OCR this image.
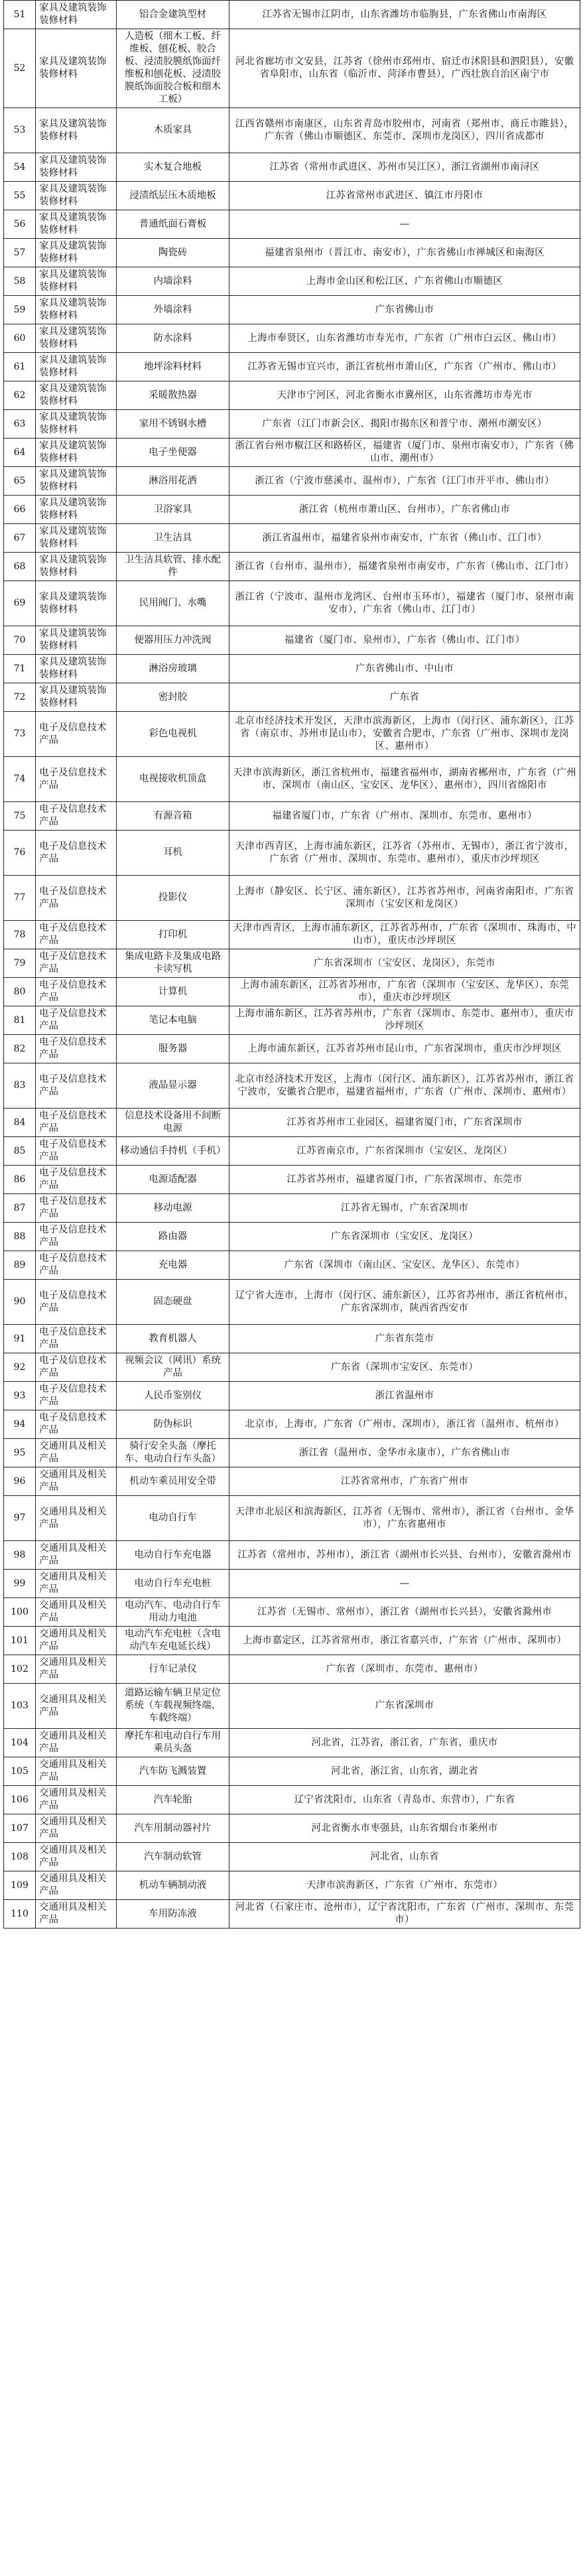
51	家具及建筑装饰装修材料	铝合金建筑型材	江苏省无锡市江阴市，山东省潍坊市临朐县，广东省佛山市南海区
52	家具及建筑装饰装修材料	人造板（细木工板、纤维板、刨花板、胶合板、浸渍胶膜纸饰面纤维板和刨花板、浸渍胶膜纸饰面胶合板和细木工板）	河北省廊坊市文安县，江苏省（徐州市邳州市、宿迁市沭阳县和泗阳县），安徽省阜阳市，山东省（临沂市、菏泽市曹县），广西壮族自治区南宁市
53	家具及建筑装饰装修材料	木质家具	江西省赣州市南康区，山东省青岛市胶州市，河南省（郑州市、商丘市睢县），广东省（佛山市顺德区、东莞市、深圳市龙岗区），四川省成都市
54	家具及建筑装饰装修材料	实木复合地板	江苏省（常州市武进区、苏州市吴江区），浙江省湖州市南浔区
55	家具及建筑装饰装修材料	浸渍纸层压木质地板	江苏省常州市武进区、镇江市丹阳市
56	家具及建筑装饰装修材料	普通纸面石膏板	—
57	家具及建筑装饰装修材料	陶瓷砖	福建省泉州市（晋江市、南安市），广东省佛山市禅城区和南海区
58	家具及建筑装饰装修材料	内墙涂料	上海市金山区和松江区，广东省佛山市顺德区
59	家具及建筑装饰装修材料	外墙涂料	广东省佛山市
60	家具及建筑装饰装修材料	防水涂料	上海市奉贤区，山东省潍坊市寿光市，广东省（广州市白云区、佛山市）
61	家具及建筑装饰装修材料	地坪涂料材料	江苏省无锡市宜兴市，浙江省杭州市萧山区，广东省（广州市、佛山市）
62	家具及建筑装饰装修材料	采暖散热器	天津市宁河区，河北省衡水市冀州区，山东省潍坊市寿光市
63	家具及建筑装饰装修材料	家用不锈钢水槽	广东省（江门市新会区、揭阳市揭东区和普宁市、潮州市潮安区）
64	家具及建筑装饰装修材料	电子坐便器	浙江省台州市椒江区和路桥区，福建省（厦门市、泉州市南安市），广东省（佛山市、潮州市）
65	家具及建筑装饰装修材料	淋浴用花洒	浙江省（宁波市慈溪市、温州市），广东省（江门市开平市、佛山市）
66	家具及建筑装饰装修材料	卫浴家具	浙江省（杭州市萧山区、台州市），广东省佛山市
67	家具及建筑装饰装修材料	卫生洁具	浙江省温州市，福建省泉州市南安市，广东省（佛山市、江门市）
68	家具及建筑装饰装修材料	卫生洁具软管、排水配件	浙江省（台州市、温州市），福建省泉州市南安市，广东省（佛山市、江门市）
69	家具及建筑装饰装修材料	民用阀门、水嘴	浙江省（宁波市、温州市龙湾区、台州市玉环市），福建省（厦门市、泉州市南安市），广东省（佛山市、江门市）
70	家具及建筑装饰装修材料	便器用压力冲洗阀	福建省（厦门市、泉州市），广东省（佛山市、江门市）
71	家具及建筑装饰装修材料	淋浴房玻璃	广东省佛山市、中山市
72	家具及建筑装饰装修材料	密封胶	广东省
73	电子及信息技术产品	彩色电视机	北京市经济技术开发区，天津市滨海新区，上海市（闵行区、浦东新区），江苏省（南京市、苏州市昆山市），安徽省合肥市，广东省（广州市、深圳市龙岗区、惠州市）
74	电子及信息技术产品	电视接收机顶盒	天津市滨海新区，浙江省杭州市，福建省福州市，湖南省郴州市，广东省（广州市、深圳市（南山区、宝安区、龙华区）、惠州市），四川省绵阳市
75	电子及信息技术产品	有源音箱	福建省厦门市，广东省（广州市、深圳市、东莞市、惠州市）
76	电子及信息技术产品	耳机	天津市西青区，上海市浦东新区，江苏省（苏州市、无锡市），浙江省宁波市，广东省（广州市、深圳市、东莞市、惠州市），重庆市沙坪坝区
77	电子及信息技术产品	投影仪	上海市（静安区、长宁区、浦东新区），江苏省苏州市，河南省南阳市，广东省深圳市（宝安区和龙岗区）
78	电子及信息技术产品	打印机	天津市西青区，上海市浦东新区，江苏省苏州市，广东省（深圳市、珠海市、中山市），重庆市沙坪坝区
79	电子及信息技术产品	集成电路卡及集成电路卡读写机	广东省深圳市（宝安区、龙岗区），东莞市
80	电子及信息技术产品	计算机	上海市浦东新区，江苏省苏州市，广东省（深圳市（宝安区、龙华区）、东莞市），重庆市沙坪坝区
81	电子及信息技术产品	笔记本电脑	上海市浦东新区，江苏省苏州市，广东省（深圳市、东莞市、惠州市），重庆市沙坪坝区
82	电子及信息技术产品	服务器	上海市浦东新区，江苏省苏州市昆山市，广东省深圳市，重庆市沙坪坝区
83	电子及信息技术产品	液晶显示器	北京市经济技术开发区，上海市（闵行区、浦东新区），江苏省苏州市，浙江省宁波市，安徽省合肥市，福建省福州市，广东省（广州市、深圳市、惠州市）
84	电子及信息技术产品	信息技术设备用不间断电源	江苏省苏州市工业园区，福建省厦门市，广东省深圳市
85	电子及信息技术产品	移动通信手持机（手机）	江苏省南京市，广东省深圳市（宝安区、龙岗区）
86	电子及信息技术产品	电源适配器	江苏省苏州市，福建省厦门市，广东省深圳市、东莞市
87	电子及信息技术产品	移动电源	江苏省无锡市，广东省深圳市
88	电子及信息技术产品	路由器	广东省深圳市（宝安区、龙岗区）
89	电子及信息技术产品	充电器	广东省（深圳市（南山区、宝安区、龙华区）、东莞市）
90	电子及信息技术产品	固态硬盘	辽宁省大连市，上海市（闵行区、浦东新区），江苏省苏州市，浙江省杭州市，广东省深圳市，陕西省西安市
91	电子及信息技术产品	教育机器人	广东省东莞市
92	电子及信息技术产品	视频会议（网讯）系统产品	广东省（深圳市宝安区、东莞市）
93	电子及信息技术产品	人民币鉴别仪	浙江省温州市
94	电子及信息技术产品	防伪标识	北京市，上海市，广东省（广州市、深圳市），浙江省（温州市、杭州市）
95	交通用具及相关产品	骑行安全头盔（摩托车、电动自行车头盔）	浙江省（温州市、金华市永康市），广东省佛山市
96	交通用具及相关产品	机动车乘员用安全带	江苏省常州市，广东省广州市
97	交通用具及相关产品	电动自行车	天津市北辰区和滨海新区，江苏省（无锡市、常州市），浙江省（台州市、金华市），广东省惠州市
98	交通用具及相关产品	电动自行车充电器	江苏省（常州市、苏州市），浙江省（湖州市长兴县、台州市），安徽省滁州市
99	交通用具及相关产品	电动自行车充电桩	—
100	交通用具及相关产品	电动汽车、电动自行车用动力电池	江苏省（无锡市、常州市），浙江省（湖州市长兴县），安徽省滁州市
101	交通用具及相关产品	电动汽车充电桩（含电动汽车充电延长线）	上海市嘉定区，江苏省常州市，浙江省嘉兴市，广东省（广州市、深圳市）
102	交通用具及相关产品	行车记录仪	广东省（深圳市、东莞市、惠州市）
103	交通用具及相关产品	道路运输车辆卫星定位系统（车载视频终端、车载终端）	广东省深圳市
104	交通用具及相关产品	摩托车和电动自行车用乘员头盔	河北省，江苏省，浙江省，广东省，重庆市
105	交通用具及相关产品	汽车防飞溅装置	河北省，浙江省，山东省，湖北省
106	交通用具及相关产品	汽车轮胎	辽宁省沈阳市，山东省（青岛市、东营市），广东省
107	交通用具及相关产品	汽车用制动器衬片	河北省衡水市枣强县，山东省烟台市莱州市
108	交通用具及相关产品	汽车制动软管	河北省，山东省
109	交通用具及相关产品	机动车辆制动液	天津市滨海新区，广东省（广州市、东莞市）
110	交通用具及相关产品	车用防冻液	河北省（石家庄市、沧州市），辽宁省沈阳市，广东省（广州市、深圳市、东莞市）
